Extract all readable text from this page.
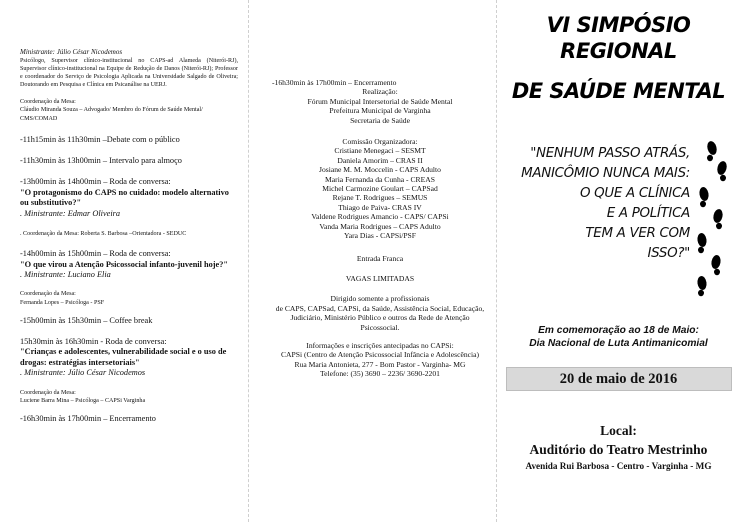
Ministrante: Júlio César Nicodemos
Psicólogo, Supervisor clínico-institucional no CAPS-ad Alameda (Niterói-RJ), Supervisor clínico-institucional na Equipe de Redução de Danos (Niterói-RJ); Professor e coordenador do Serviço de Psicologia Aplicada na Universidade Salgado de Oliveira; Doutorando em Pesquisa e Clínica em Psicanálise na UERJ.
Coordenação da Mesa:
Cláudio Miranda Souza – Advogado/ Membro do Fórum de Saúde Mental/ CMS/COMAD
-11h15min às 11h30min –Debate com o público
-11h30min às 13h00min – Intervalo para almoço
-13h00min às 14h00min – Roda de conversa:
"O protagonismo do CAPS no cuidado: modelo alternativo ou substitutivo?"
. Ministrante: Edmar Oliveira
. Coordenação da Mesa: Roberta S. Barbosa –Orientadora - SEDUC
-14h00min às 15h00min – Roda de conversa:
"O que virou a Atenção Psicossocial infanto-juvenil hoje?"
. Ministrante: Luciano Elia
Coordenação da Mesa:
Fernanda Lopes – Psicóloga - PSF
-15h00min às 15h30min – Coffee break
15h30min às 16h30min - Roda de conversa:
"Crianças e adolescentes, vulnerabilidade social e o uso de drogas: estratégias intersetoriais"
. Ministrante: Júlio César Nicodemos
Coordenação da Mesa:
Luciene Barra Mina – Psicóloga – CAPSi Varginha
-16h30min às 17h00min – Encerramento
-16h30min às 17h00min – Encerramento
Realização:
Fórum Municipal Intersetorial de Saúde Mental
Prefeitura Municipal de Varginha
Secretaria de Saúde
Comissão Organizadora:
Cristiane Menegaci – SESMT
Daniela Amorim – CRAS II
Josiane M. M. Moccelin - CAPS Adulto
Maria Fernanda da Cunha - CREAS
Michel Carmozine Goulart – CAPSad
Rejane T. Rodrigues – SEMUS
Thiago de Paiva- CRAS IV
Valdene Rodrigues Amancio - CAPS/ CAPSi
Vanda Maria Rodrigues – CAPS Adulto
Yara Dias - CAPSi/PSF
Entrada Franca
VAGAS LIMITADAS
Dirigido somente a profissionais
de CAPS, CAPSad, CAPSi, da Saúde, Assistência Social, Educação, Judiciário, Ministério Público e outros da Rede de Atenção Psicossocial.
Informações e inscrições antecipadas no CAPSi:
CAPSi (Centro de Atenção Psicossocial Infância e Adolescência)
Rua Maria Antonieta, 277 - Bom Pastor - Varginha- MG
Telefone: (35) 3690 – 2236/ 3690-2201
VI SIMPÓSIO REGIONAL
DE SAÚDE MENTAL
"NENHUM PASSO ATRÁS,
MANICÔMIO NUNCA MAIS:
O QUE A CLÍNICA
E A POLÍTICA
TEM A VER COM
ISSO?"
Em comemoração ao 18 de Maio:
Dia Nacional de Luta Antimanicomial
20 de maio de 2016
Local:
Auditório do Teatro Mestrinho
Avenida Rui Barbosa - Centro - Varginha - MG
